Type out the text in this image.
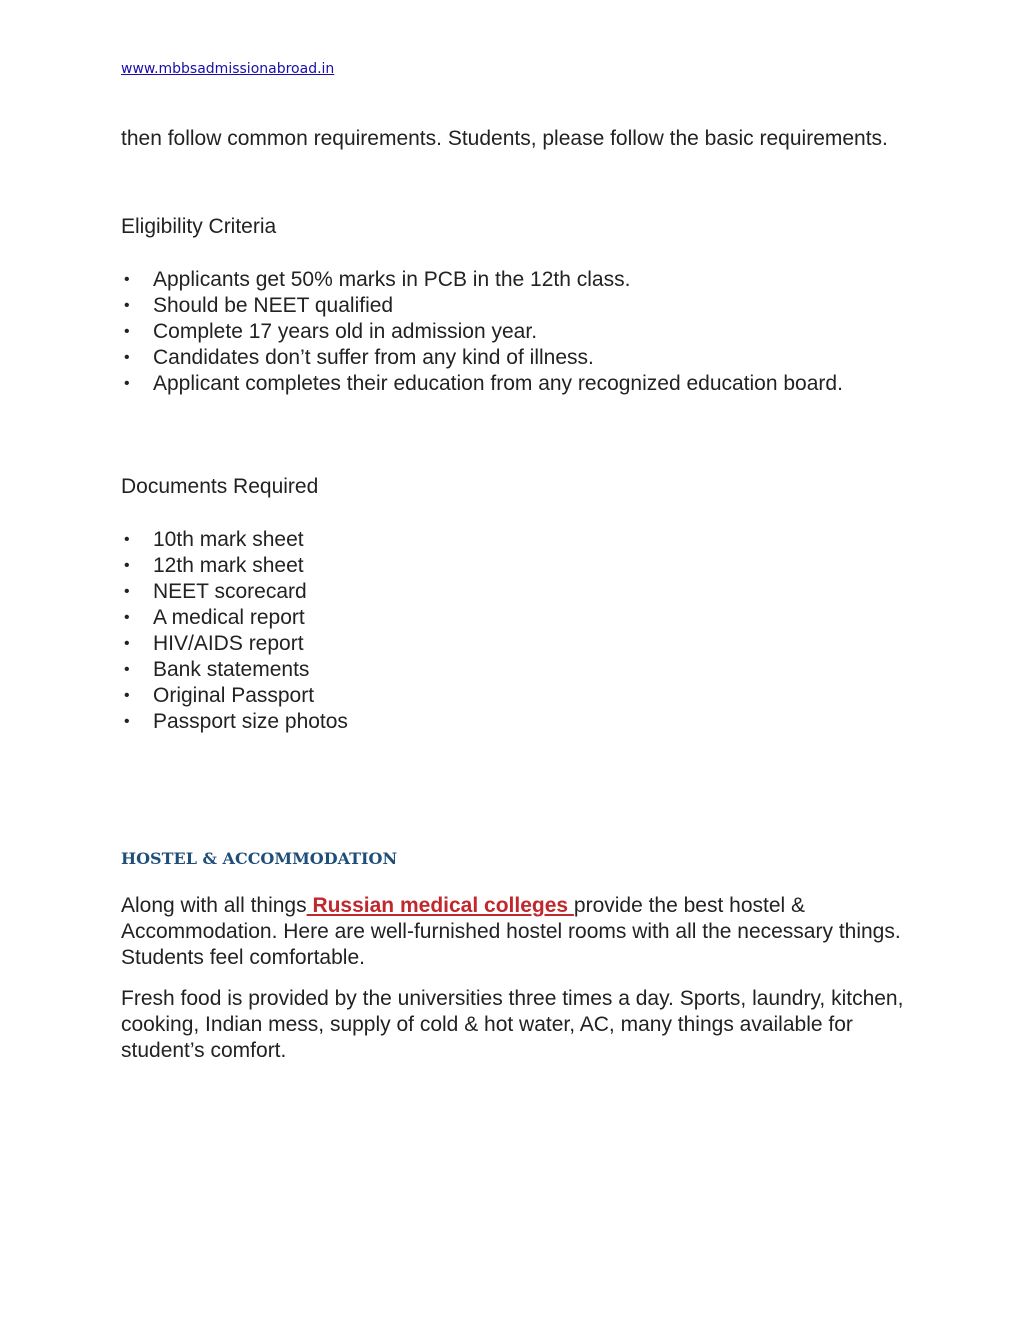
www.mbbsadmissionabroad.in

then follow common requirements. Students, please follow the basic requirements.

Eligibility Criteria

• Applicants get 50% marks in PCB in the 12th class.
• Should be NEET qualified
• Complete 17 years old in admission year.
• Candidates don’t suffer from any kind of illness.
• Applicant completes their education from any recognized education board.

Documents Required

• 10th mark sheet
• 12th mark sheet
• NEET scorecard
• A medical report
• HIV/AIDS report
• Bank statements
• Original Passport
• Passport size photos
HOSTEL & ACCOMMODATION

Along with all things Russian medical colleges provide the best hostel & Accommodation. Here are well-furnished hostel rooms with all the necessary things. Students feel comfortable.

Fresh food is provided by the universities three times a day. Sports, laundry, kitchen, cooking, Indian mess, supply of cold & hot water, AC, many things available for student’s comfort.
